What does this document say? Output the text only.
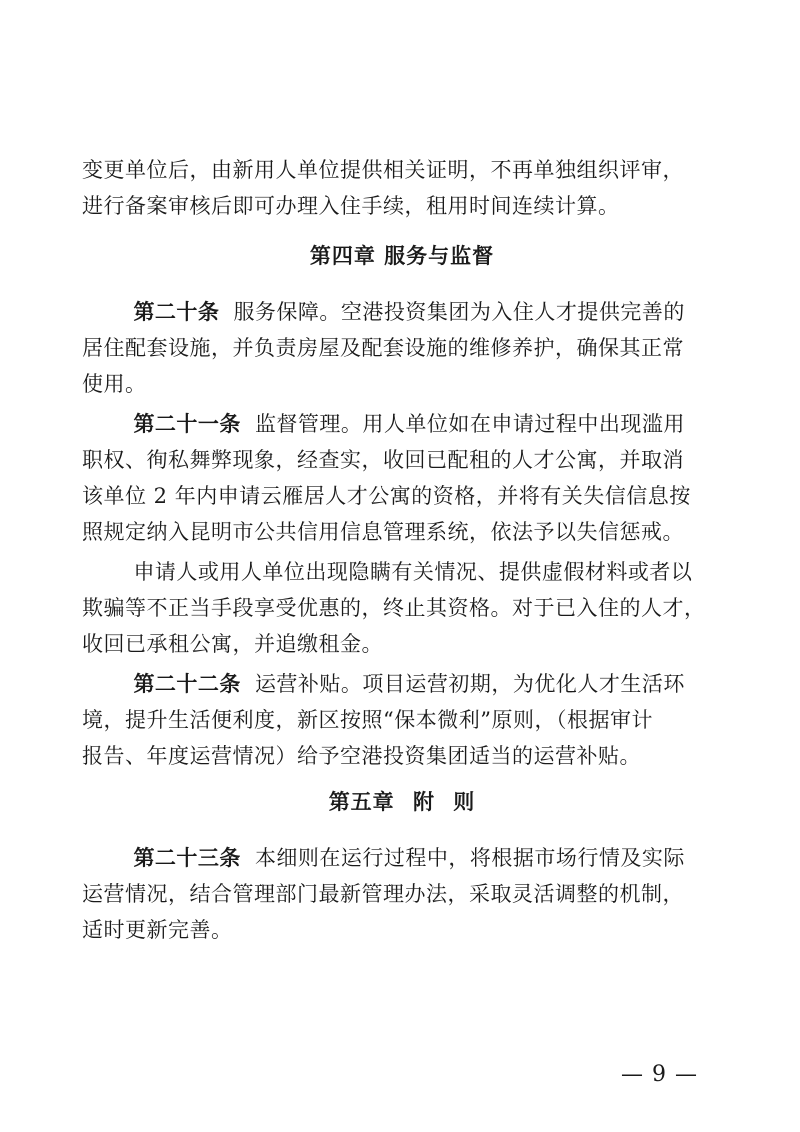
变更单位后，由新用人单位提供相关证明，不再单独组织评审，
进行备案审核后即可办理入住手续，租用时间连续计算。
第四章 服务与监督
第二十条 服务保障。空港投资集团为入住人才提供完善的
居住配套设施，并负责房屋及配套设施的维修养护，确保其正常
使用。
第二十一条 监督管理。用人单位如在申请过程中出现滥用
职权、徇私舞弊现象，经查实，收回已配租的人才公寓，并取消
该单位 2 年内申请云雁居人才公寓的资格，并将有关失信信息按
照规定纳入昆明市公共信用信息管理系统，依法予以失信惩戒。
申请人或用人单位出现隐瞒有关情况、提供虚假材料或者以
欺骗等不正当手段享受优惠的，终止其资格。对于已入住的人才，
收回已承租公寓，并追缴租金。
第二十二条 运营补贴。项目运营初期，为优化人才生活环
境，提升生活便利度，新区按照“保本微利”原则，（根据审计
报告、年度运营情况）给予空港投资集团适当的运营补贴。
第五章 附 则
第二十三条 本细则在运行过程中，将根据市场行情及实际
运营情况，结合管理部门最新管理办法，采取灵活调整的机制，
适时更新完善。
— 9 —
